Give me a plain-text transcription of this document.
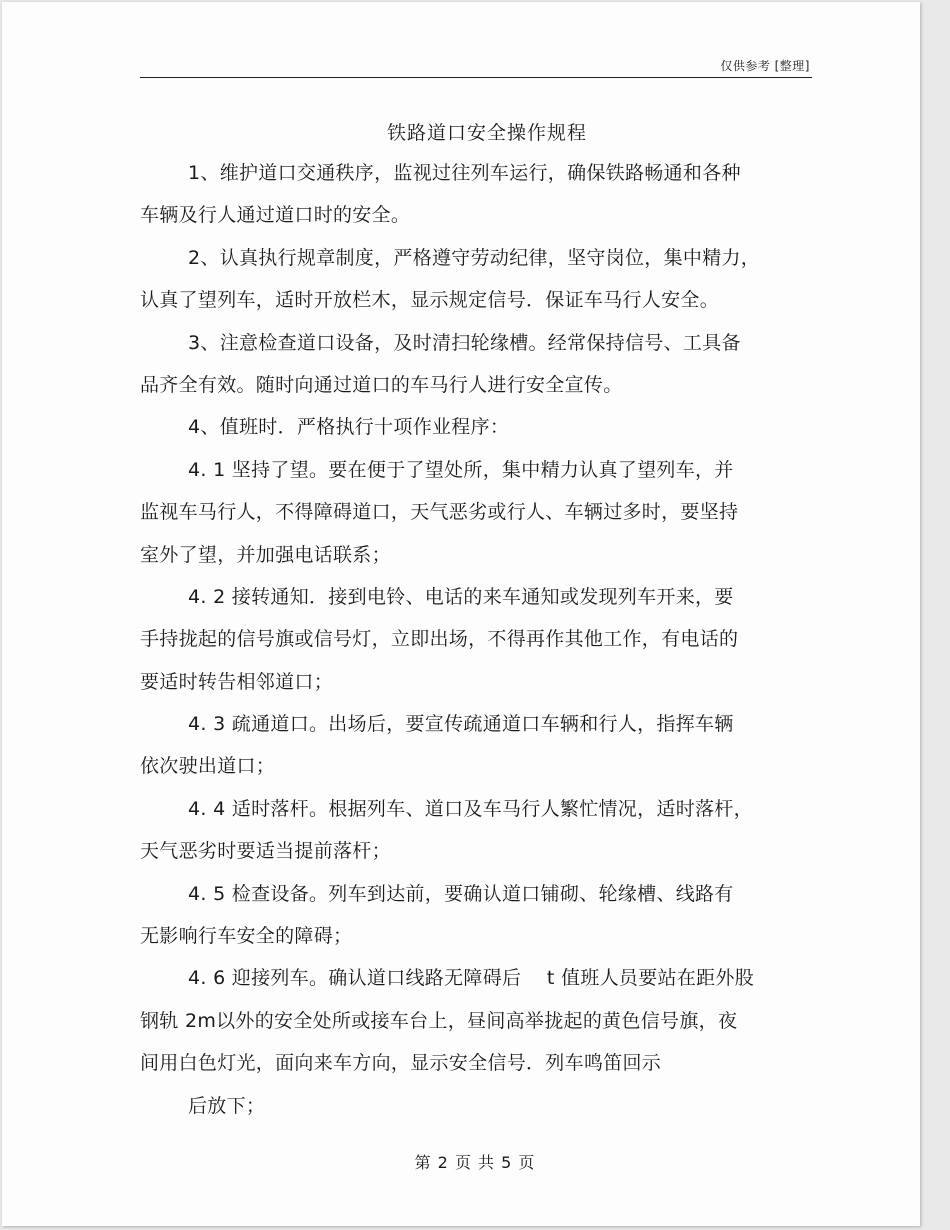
仅供参考 [整理]
铁路道口安全操作规程
1、维护道口交通秩序，监视过往列车运行，确保铁路畅通和各种
车辆及行人通过道口时的安全。
2、认真执行规章制度，严格遵守劳动纪律，坚守岗位，集中精力，
认真了望列车，适时开放栏木，显示规定信号．保证车马行人安全。
3、注意检查道口设备，及时清扫轮缘槽。经常保持信号、工具备
品齐全有效。随时向通过道口的车马行人进行安全宣传。
4、值班时．严格执行十项作业程序：
4. 1 坚持了望。要在便于了望处所，集中精力认真了望列车，并
监视车马行人，不得障碍道口，天气恶劣或行人、车辆过多时，要坚持
室外了望，并加强电话联系；
4. 2 接转通知．接到电铃、电话的来车通知或发现列车开来，要
手持拢起的信号旗或信号灯，立即出场，不得再作其他工作，有电话的
要适时转告相邻道口；
4. 3 疏通道口。出场后，要宣传疏通道口车辆和行人，指挥车辆
依次驶出道口；
4. 4 适时落杆。根据列车、道口及车马行人繁忙情况，适时落杆，
天气恶劣时要适当提前落杆；
4. 5 检查设备。列车到达前，要确认道口铺砌、轮缘槽、线路有
无影响行车安全的障碍；
4. 6 迎接列车。确认道口线路无障碍后　 t 值班人员要站在距外股
钢轨 2m以外的安全处所或接车台上，昼间高举拢起的黄色信号旗，夜
间用白色灯光，面向来车方向，显示安全信号．列车鸣笛回示
后放下；
第 2 页 共 5 页
